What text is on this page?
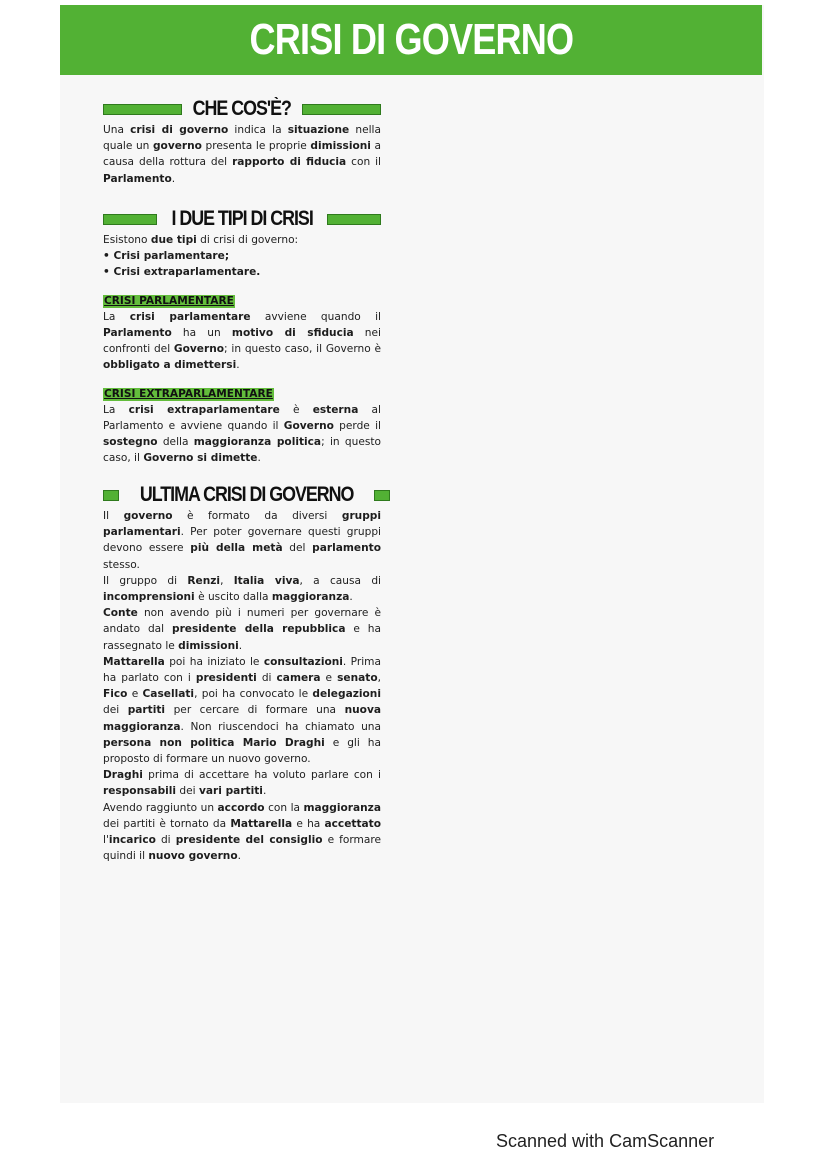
CRISI DI GOVERNO
CHE COS'È?

Una crisi di governo indica la situazione nella quale un governo presenta le proprie dimissioni a causa della rottura del rapporto di fiducia con il Parlamento.

I DUE TIPI DI CRISI

Esistono due tipi di crisi di governo:

• Crisi parlamentare;

• Crisi extraparlamentare.

CRISI PARLAMENTARE

La crisi parlamentare avviene quando il Parlamento ha un motivo di sfiducia nei confronti del Governo; in questo caso, il Governo è obbligato a dimettersi.

CRISI EXTRAPARLAMENTARE

La crisi extraparlamentare è esterna al Parlamento e avviene quando il Governo perde il sostegno della maggioranza politica; in questo caso, il Governo si dimette.

ULTIMA CRISI DI GOVERNO

Il governo è formato da diversi gruppi parlamentari. Per poter governare questi gruppi devono essere più della metà del parlamento stesso.
Il gruppo di Renzi, Italia viva, a causa di incomprensioni è uscito dalla maggioranza.
Conte non avendo più i numeri per governare è andato dal presidente della repubblica e ha rassegnato le dimissioni.
Mattarella poi ha iniziato le consultazioni. Prima ha parlato con i presidenti di camera e senato, Fico e Casellati, poi ha convocato le delegazioni dei partiti per cercare di formare una nuova maggioranza. Non riuscendoci ha chiamato una persona non politica Mario Draghi e gli ha proposto di formare un nuovo governo.
Draghi prima di accettare ha voluto parlare con i responsabili dei vari partiti.
Avendo raggiunto un accordo con la maggioranza dei partiti è tornato da Mattarella e ha accettato l'incarico di presidente del consiglio e formare quindi il nuovo governo.

Scanned with CamScanner
